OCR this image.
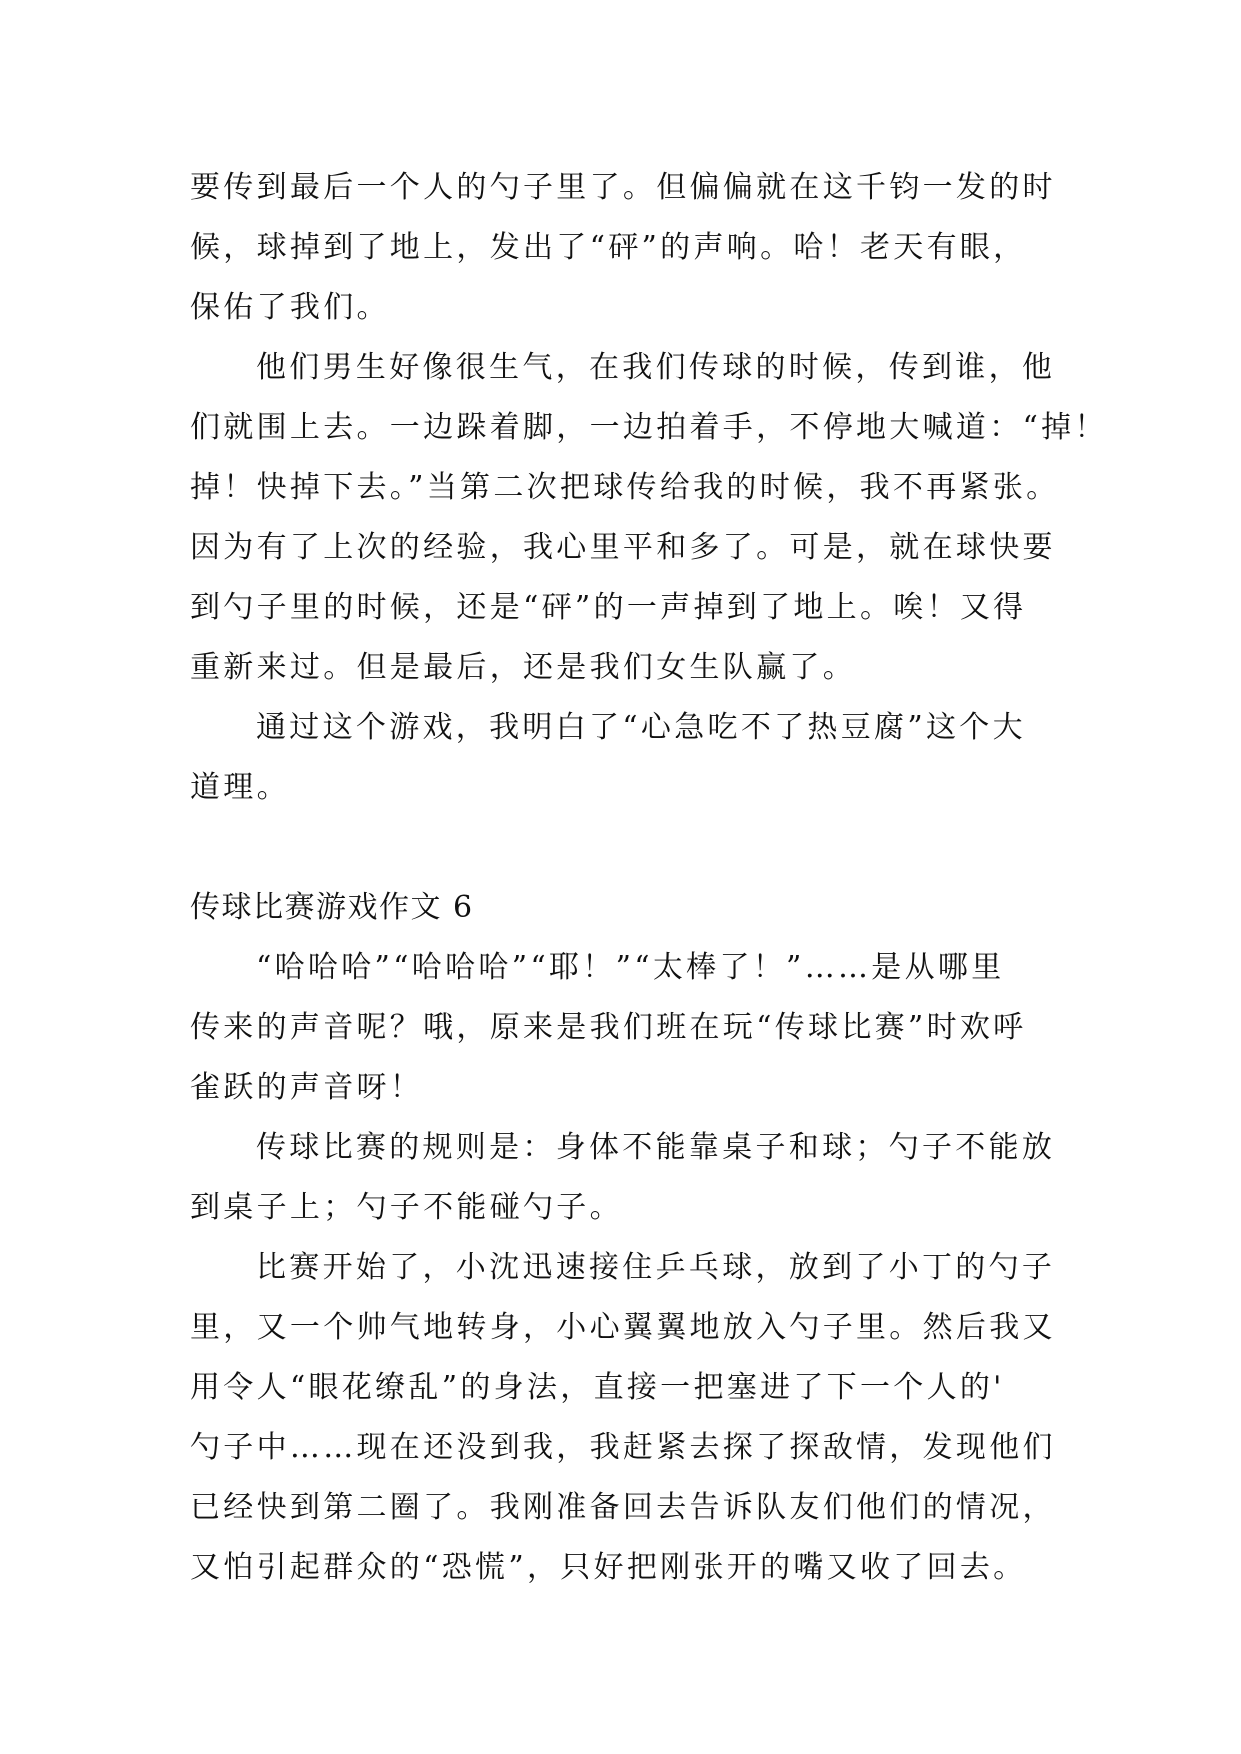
要传到最后一个人的勺子里了。但偏偏就在这千钧一发的时
候，球掉到了地上，发出了“砰”的声响。哈！老天有眼，
保佑了我们。
他们男生好像很生气，在我们传球的时候，传到谁，他
们就围上去。一边跺着脚，一边拍着手，不停地大喊道：“掉！
掉！快掉下去。”当第二次把球传给我的时候，我不再紧张。
因为有了上次的经验，我心里平和多了。可是，就在球快要
到勺子里的时候，还是“砰”的一声掉到了地上。唉！又得
重新来过。但是最后，还是我们女生队赢了。
通过这个游戏，我明白了“心急吃不了热豆腐”这个大
道理。
传球比赛游戏作文 6
“哈哈哈”“哈哈哈”“耶！”“太棒了！”……是从哪里
传来的声音呢？哦，原来是我们班在玩“传球比赛”时欢呼
雀跃的声音呀！
传球比赛的规则是：身体不能靠桌子和球；勺子不能放
到桌子上；勺子不能碰勺子。
比赛开始了，小沈迅速接住乒乓球，放到了小丁的勺子
里，又一个帅气地转身，小心翼翼地放入勺子里。然后我又
用令人“眼花缭乱”的身法，直接一把塞进了下一个人的'
勺子中……现在还没到我，我赶紧去探了探敌情，发现他们
已经快到第二圈了。我刚准备回去告诉队友们他们的情况，
又怕引起群众的“恐慌”，只好把刚张开的嘴又收了回去。
